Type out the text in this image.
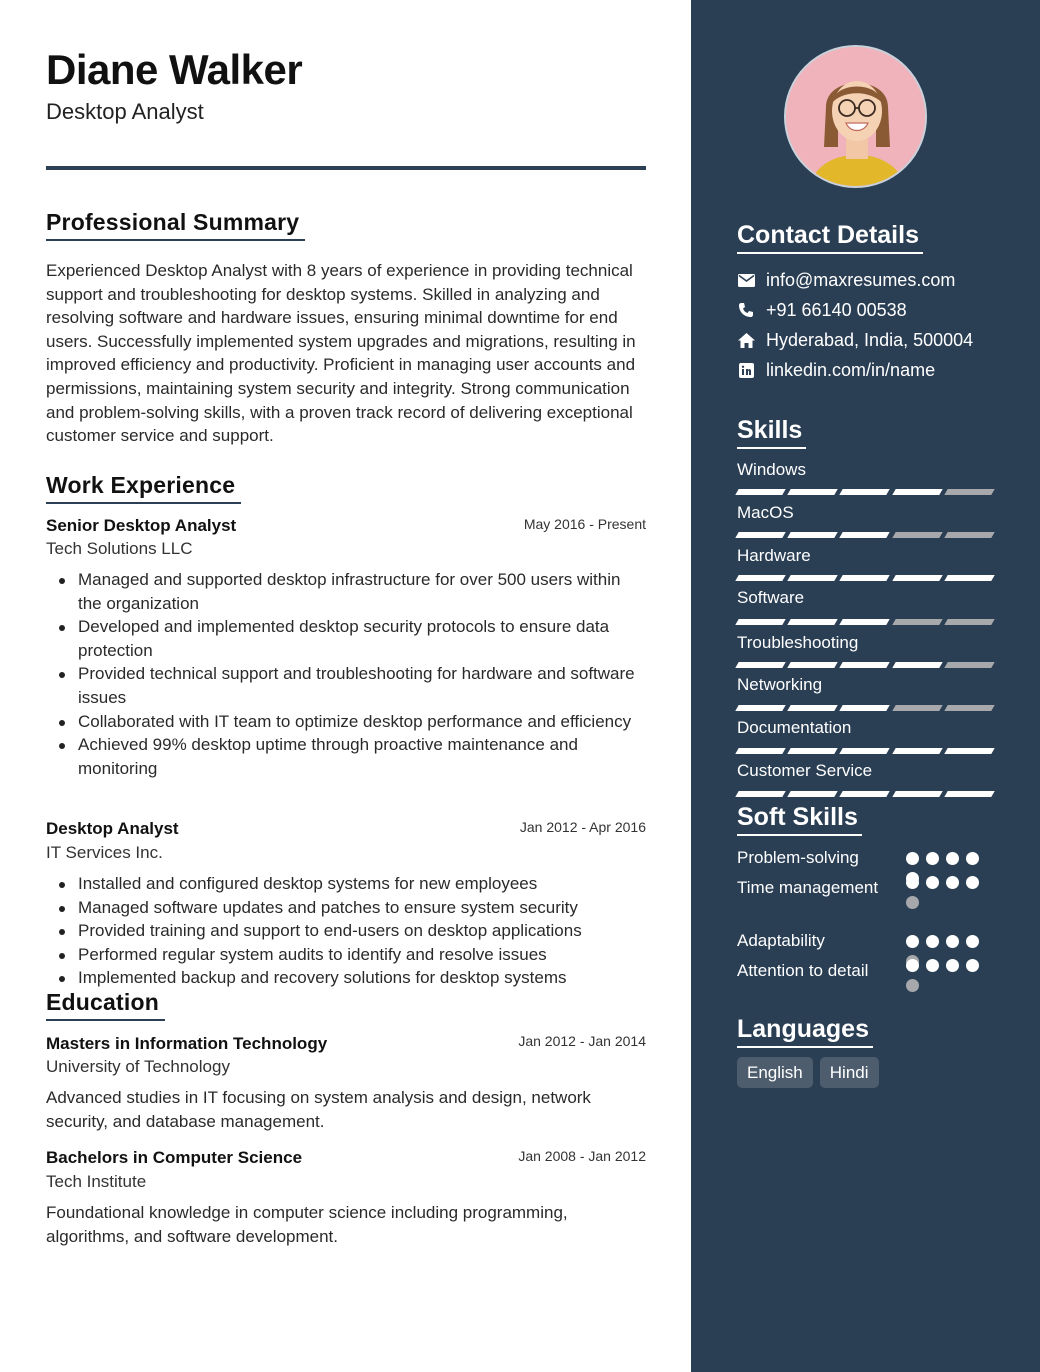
Diane Walker
Desktop Analyst
Professional Summary

Experienced Desktop Analyst with 8 years of experience in providing technical support and troubleshooting for desktop systems. Skilled in analyzing and resolving software and hardware issues, ensuring minimal downtime for end users. Successfully implemented system upgrades and migrations, resulting in improved efficiency and productivity. Proficient in managing user accounts and permissions, maintaining system security and integrity. Strong communication and problem-solving skills, with a proven track record of delivering exceptional customer service and support.

Work Experience
Senior Desktop Analyst	May 2016 - Present
Tech Solutions LLC
Managed and supported desktop infrastructure for over 500 users within the organization
Developed and implemented desktop security protocols to ensure data protection
Provided technical support and troubleshooting for hardware and software issues
Collaborated with IT team to optimize desktop performance and efficiency
Achieved 99% desktop uptime through proactive maintenance and monitoring
Desktop Analyst	Jan 2012 - Apr 2016
IT Services Inc.
Installed and configured desktop systems for new employees
Managed software updates and patches to ensure system security
Provided training and support to end-users on desktop applications
Performed regular system audits to identify and resolve issues
Implemented backup and recovery solutions for desktop systems
Education
Masters in Information Technology	Jan 2012 - Jan 2014
University of Technology

Advanced studies in IT focusing on system analysis and design, network security, and database management.

Bachelors in Computer Science	Jan 2008 - Jan 2012
Tech Institute

Foundational knowledge in computer science including programming, algorithms, and software development.

Contact Details
info@maxresumes.com
+91 66140 00538
Hyderabad, India, 500004
linkedin.com/in/name
Skills
Windows
MacOS
Hardware
Software
Troubleshooting
Networking
Documentation
Customer Service
Soft Skills
Problem-solving
Time management
Adaptability
Attention to detail
Languages
English	Hindi
